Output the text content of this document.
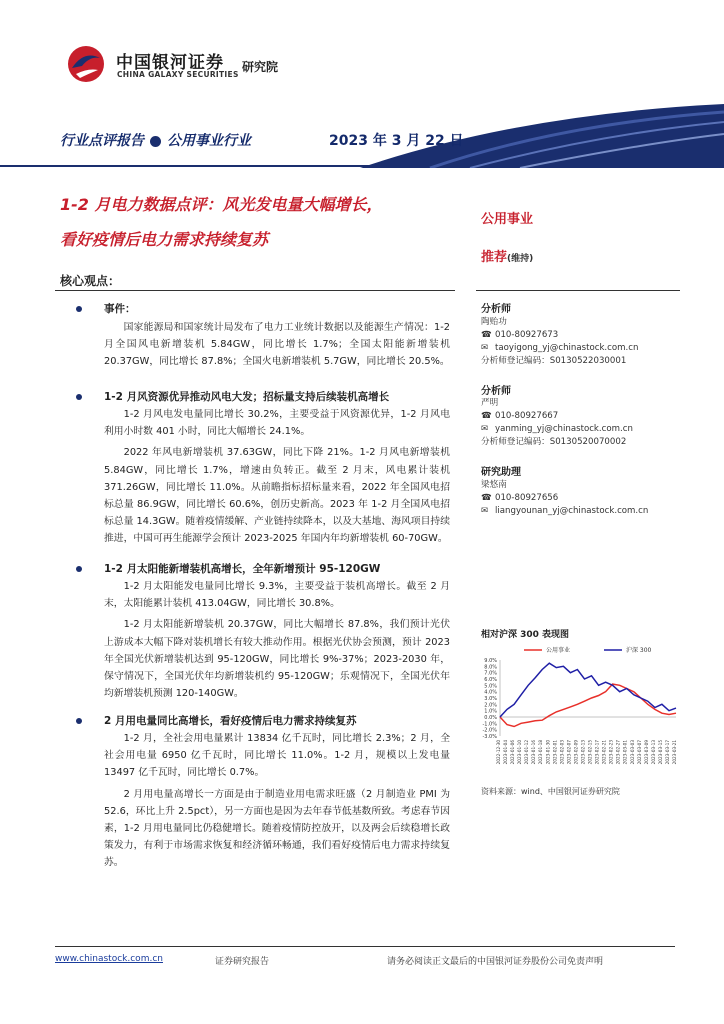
中国银河证券
CHINA GALAXY SECURITIES
研究院
行业点评报告 公用事业行业	2023 年 3 月 22 日
1-2 月电力数据点评：风光发电量大幅增长，
看好疫情后电力需求持续复苏
公用事业
推荐(维持)
核心观点：
事件：

国家能源局和国家统计局发布了电力工业统计数据以及能源生产情况：1-2 月全国风电新增装机 5.84GW，同比增长 1.7%；全国太阳能新增装机 20.37GW，同比增长 87.8%；全国火电新增装机 5.7GW，同比增长 20.5%。

1-2 月风资源优异推动风电大发；招标量支持后续装机高增长

1-2 月风电发电量同比增长 30.2%，主要受益于风资源优异，1-2 月风电利用小时数 401 小时，同比大幅增长 24.1%。

2022 年风电新增装机 37.63GW，同比下降 21%。1-2 月风电新增装机 5.84GW，同比增长 1.7%，增速由负转正。截至 2 月末，风电累计装机 371.26GW，同比增长 11.0%。从前瞻指标招标量来看，2022 年全国风电招标总量 86.9GW，同比增长 60.6%，创历史新高。2023 年 1-2 月全国风电招标总量 14.3GW。随着疫情缓解、产业链持续降本，以及大基地、海风项目持续推进，中国可再生能源学会预计 2023-2025 年国内年均新增装机 60-70GW。

1-2 月太阳能新增装机高增长，全年新增预计 95-120GW

1-2 月太阳能发电量同比增长 9.3%，主要受益于装机高增长。截至 2 月末，太阳能累计装机 413.04GW，同比增长 30.8%。

1-2 月太阳能新增装机 20.37GW，同比大幅增长 87.8%，我们预计光伏上游成本大幅下降对装机增长有较大推动作用。根据光伏协会预测，预计 2023 年全国光伏新增装机达到 95-120GW，同比增长 9%-37%；2023-2030 年，保守情况下，全国光伏年均新增装机约 95-120GW；乐观情况下，全国光伏年均新增装机预测 120-140GW。

2 月用电量同比高增长，看好疫情后电力需求持续复苏

1-2 月，全社会用电量累计 13834 亿千瓦时，同比增长 2.3%；2 月，全社会用电量 6950 亿千瓦时，同比增长 11.0%。1-2 月，规模以上发电量 13497 亿千瓦时，同比增长 0.7%。

2 月用电量高增长一方面是由于制造业用电需求旺盛（2 月制造业 PMI 为 52.6，环比上升 2.5pct），另一方面也是因为去年春节低基数所致。考虑春节因素，1-2 月用电量同比仍稳健增长。随着疫情防控放开，以及两会后续稳增长政策发力，有利于市场需求恢复和经济循环畅通，我们看好疫情后电力需求持续复苏。

分析师
陶贻功
☎ 010-80927673
✉ taoyigong_yj@chinastock.com.cn
分析师登记编码：S0130522030001
分析师
严明
☎ 010-80927667
✉ yanming_yj@chinastock.com.cn
分析师登记编码：S0130520070002
研究助理
梁悠南
☎ 010-80927656
✉ liangyounan_yj@chinastock.com.cn
相对沪深 300 表现图
9.0%
8.0%
7.0%
6.0%
5.0%
4.0%
3.0%
2.0%
1.0%
0.0%
-1.0%
-2.0%
-3.0%
2022-12-30 2023-01-04 2023-01-06 2023-01-10 2023-01-12 2023-01-16 2023-01-18 2023-01-30 2023-02-01 2023-02-03 2023-02-07 2023-02-09 2023-02-13 2023-02-15 2023-02-17 2023-02-21 2023-02-23 2023-02-27 2023-03-01 2023-03-03 2023-03-07 2023-03-09 2023-03-13 2023-03-15 2023-03-17 2023-03-21
公用事业	沪深 300
资料来源：wind、中国银河证券研究院
www.chinastock.com.cn	证券研究报告	请务必阅读正文最后的中国银河证券股份公司免责声明
